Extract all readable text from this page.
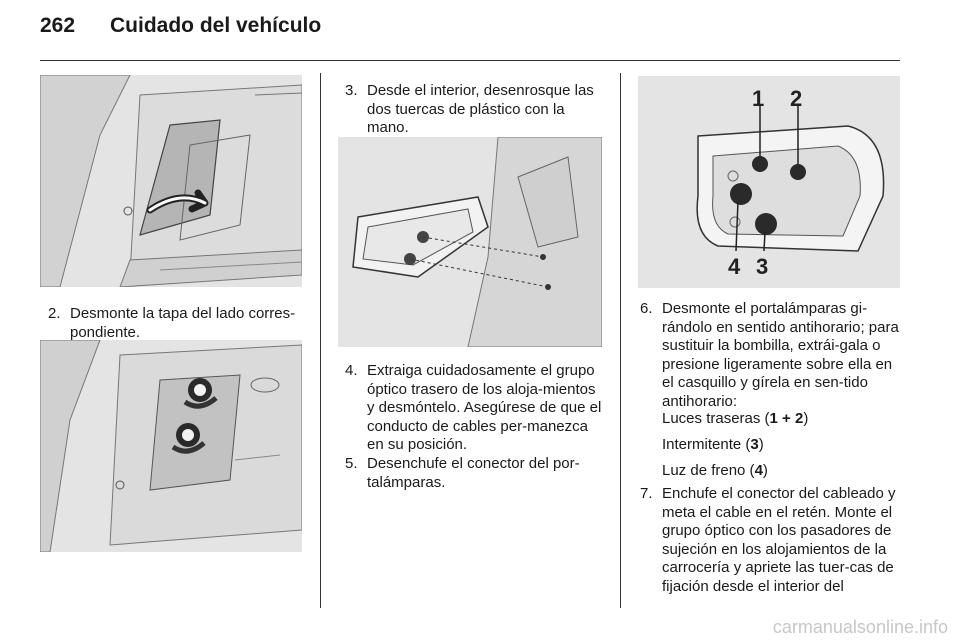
262 Cuidado del vehículo
2. Desmonte la tapa del lado corres-pondiente.
3. Desde el interior, desenrosque las dos tuercas de plástico con la mano.
4. Extraiga cuidadosamente el grupo óptico trasero de los aloja-mientos y desmóntelo. Asegúrese de que el conducto de cables per-manezca en su posición.
5. Desenchufe el conector del por-talámparas.
1 2
4 3
6. Desmonte el portalámparas gi-rándolo en sentido antihorario; para sustituir la bombilla, extrái-gala o presione ligeramente sobre ella en el casquillo y gírela en sen-tido antihorario:
Luces traseras (1 + 2)
Intermitente (3)
Luz de freno (4)
7. Enchufe el conector del cableado y meta el cable en el retén. Monte el grupo óptico con los pasadores de sujeción en los alojamientos de la carrocería y apriete las tuer-cas de fijación desde el interior del
carmanualsonline.info
